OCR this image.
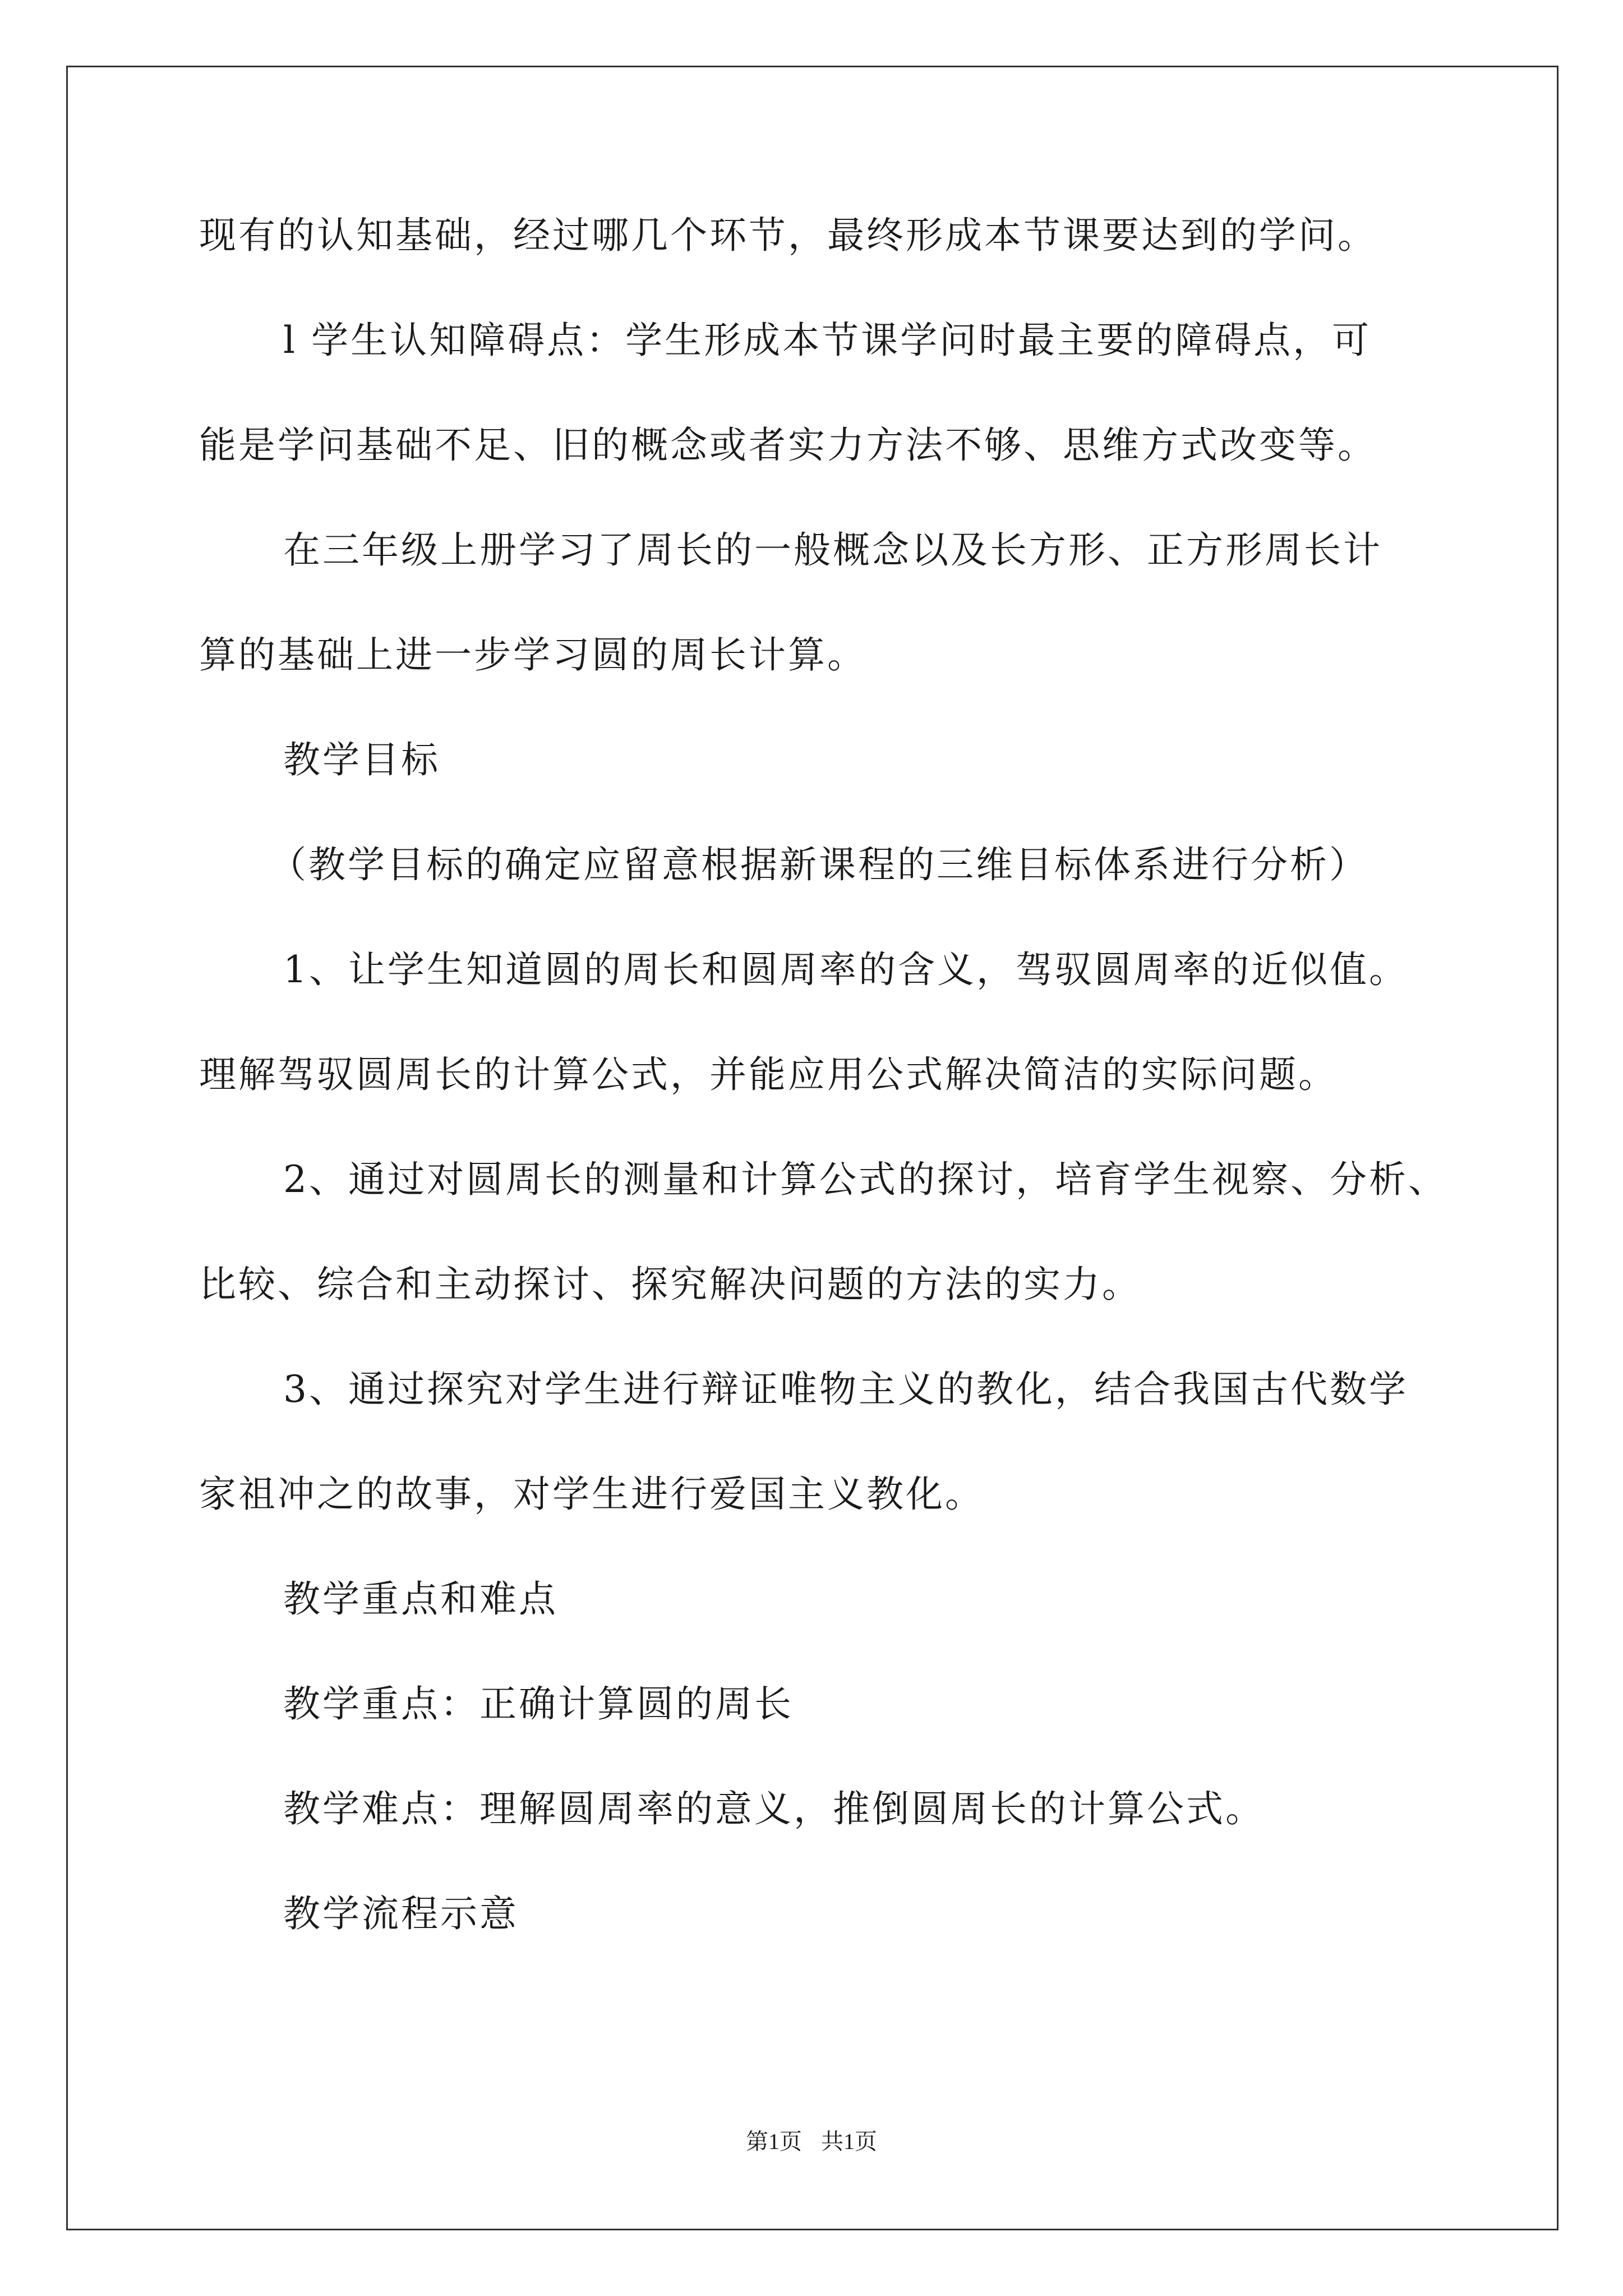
现有的认知基础，经过哪几个环节，最终形成本节课要达到的学问。
l 学生认知障碍点：学生形成本节课学问时最主要的障碍点，可
能是学问基础不足、旧的概念或者实力方法不够、思维方式改变等。
在三年级上册学习了周长的一般概念以及长方形、正方形周长计
算的基础上进一步学习圆的周长计算。
教学目标
（教学目标的确定应留意根据新课程的三维目标体系进行分析）
1、让学生知道圆的周长和圆周率的含义，驾驭圆周率的近似值。
理解驾驭圆周长的计算公式，并能应用公式解决简洁的实际问题。
2、通过对圆周长的测量和计算公式的探讨，培育学生视察、分析、
比较、综合和主动探讨、探究解决问题的方法的实力。
3、通过探究对学生进行辩证唯物主义的教化，结合我国古代数学
家祖冲之的故事，对学生进行爱国主义教化。
教学重点和难点
教学重点：正确计算圆的周长
教学难点：理解圆周率的意义，推倒圆周长的计算公式。
教学流程示意
第1页 共1页
